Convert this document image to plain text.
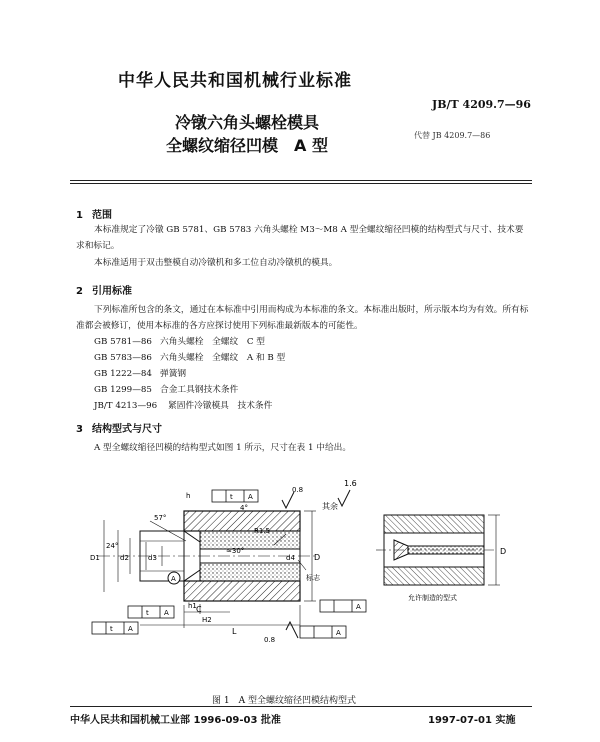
中华人民共和国机械行业标准
冷镦六角头螺栓模具
全螺纹缩径凹模　A 型
JB/T 4209.7—96
代替 JB 4209.7—86
1 范围
本标准规定了冷镦 GB 5781、GB 5783 六角头螺栓 M3～M8 A 型全螺纹缩径凹模的结构型式与尺寸、技术要求和标记。
本标准适用于双击整模自动冷镦机和多工位自动冷镦机的模具。
2 引用标准
下列标准所包含的条文，通过在本标准中引用而构成为本标准的条文。本标准出版时，所示版本均为有效。所有标准都会被修订，使用本标准的各方应探讨使用下列标准最新版本的可能性。
GB 5781—86 六角头螺栓　全螺纹　C 型
GB 5783—86 六角头螺栓　全螺纹　A 和 B 型
GB 1222—84 弹簧钢
GB 1299—85 合金工具钢技术条件
JB/T 4213—96 紧固件冷镦模具　技术条件
3 结构型式与尺寸
A 型全螺纹缩径凹模的结构型式如图 1 所示，尺寸在表 1 中给出。
1.6
其余
0.8
0.8
57°
24°
4°
R1.5
≈30°
标志
D1	d2	d3	d4 D
h
h1
H2
L
C
A
t
t
t
A
A
A
A
A
D
允许制造的型式
图 1　A 型全螺纹缩径凹模结构型式
中华人民共和国机械工业部 1996-09-03 批准	1997-07-01 实施
